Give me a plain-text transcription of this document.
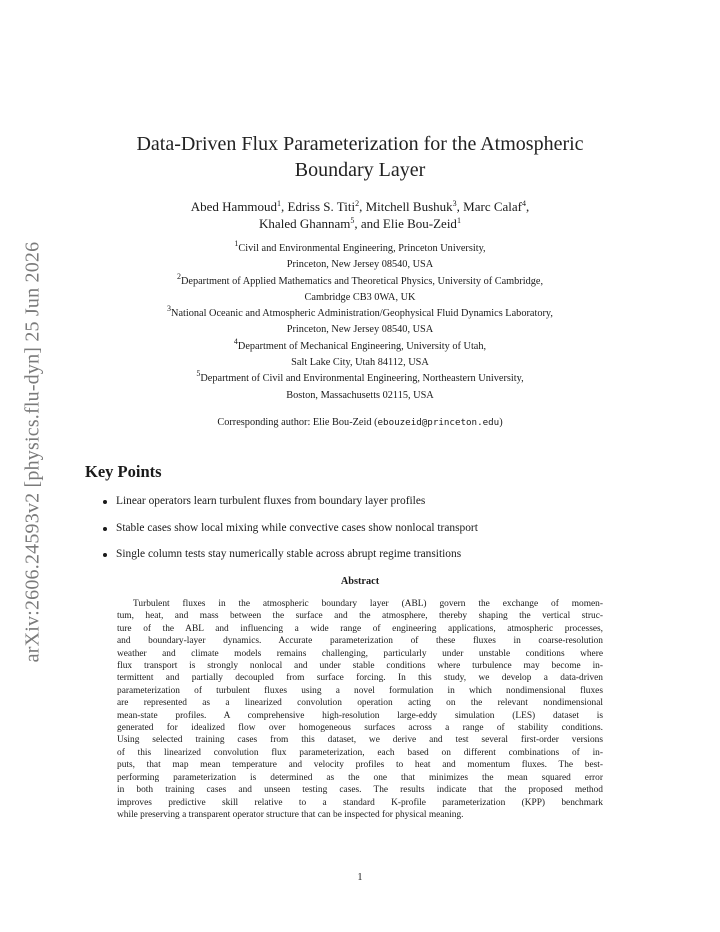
arXiv:2606.24593v2 [physics.flu-dyn] 25 Jun 2026
Data-Driven Flux Parameterization for the Atmospheric
Boundary Layer
Abed Hammoud$^1$, Edriss S. Titi$^2$, Mitchell Bushuk$^3$, Marc Calaf$^4$,
Khaled Ghannam$^5$, and Elie Bou-Zeid$^1$
$^1$Civil and Environmental Engineering, Princeton University,
Princeton, New Jersey 08540, USA
$^2$Department of Applied Mathematics and Theoretical Physics, University of Cambridge,
Cambridge CB3 0WA, UK
$^3$National Oceanic and Atmospheric Administration/Geophysical Fluid Dynamics Laboratory,
Princeton, New Jersey 08540, USA
$^4$Department of Mechanical Engineering, University of Utah,
Salt Lake City, Utah 84112, USA
$^5$Department of Civil and Environmental Engineering, Northeastern University,
Boston, Massachusetts 02115, USA
Corresponding author: Elie Bou-Zeid (ebouzeid@princeton.edu)
Key Points
Linear operators learn turbulent fluxes from boundary layer profiles
Stable cases show local mixing while convective cases show nonlocal transport
Single column tests stay numerically stable across abrupt regime transitions
Abstract
Turbulent fluxes in the atmospheric boundary layer (ABL) govern the exchange of momen-
tum, heat, and mass between the surface and the atmosphere, thereby shaping the vertical struc-
ture of the ABL and influencing a wide range of engineering applications, atmospheric processes,
and boundary-layer dynamics. Accurate parameterization of these fluxes in coarse-resolution
weather and climate models remains challenging, particularly under unstable conditions where
flux transport is strongly nonlocal and under stable conditions where turbulence may become in-
termittent and partially decoupled from surface forcing. In this study, we develop a data-driven
parameterization of turbulent fluxes using a novel formulation in which nondimensional fluxes
are represented as a linearized convolution operation acting on the relevant nondimensional
mean-state profiles. A comprehensive high-resolution large-eddy simulation (LES) dataset is
generated for idealized flow over homogeneous surfaces across a range of stability conditions.
Using selected training cases from this dataset, we derive and test several first-order versions
of this linearized convolution flux parameterization, each based on different combinations of in-
puts, that map mean temperature and velocity profiles to heat and momentum fluxes. The best-
performing parameterization is determined as the one that minimizes the mean squared error
in both training cases and unseen testing cases. The results indicate that the proposed method
improves predictive skill relative to a standard K-profile parameterization (KPP) benchmark
while preserving a transparent operator structure that can be inspected for physical meaning.
1
